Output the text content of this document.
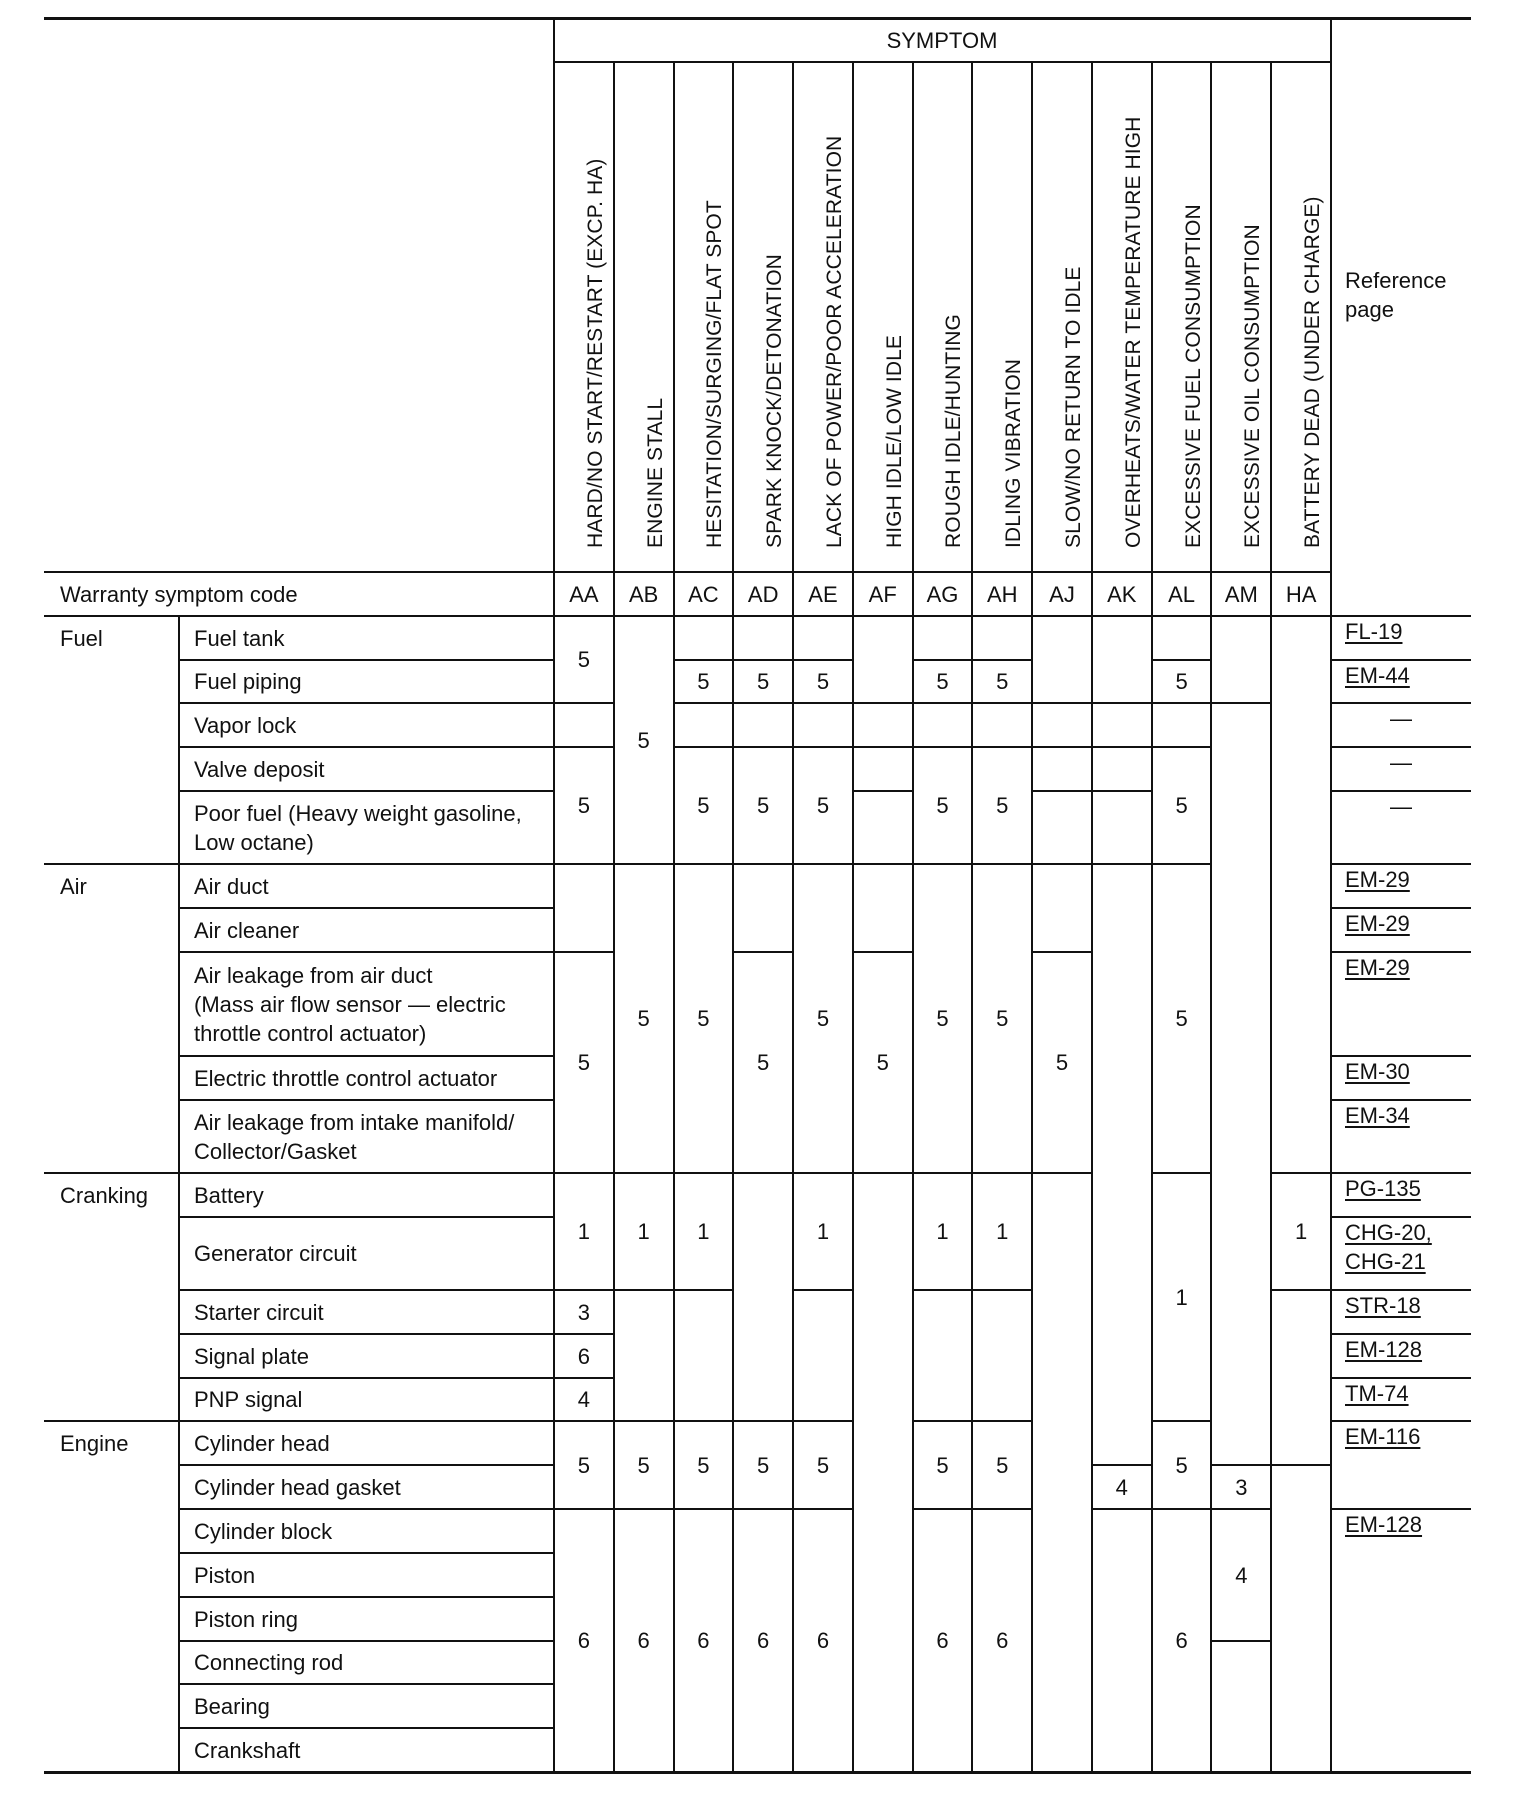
SYMPTOM
Reference page
Warranty symptom code
HARD/NO START/RESTART (EXCP. HA)
AA
ENGINE STALL
AB
HESITATION/SURGING/FLAT SPOT
AC
SPARK KNOCK/DETONATION
AD
LACK OF POWER/POOR ACCELERATION
AE
HIGH IDLE/LOW IDLE
AF
ROUGH IDLE/HUNTING
AG
IDLING VIBRATION
AH
SLOW/NO RETURN TO IDLE
AJ
OVERHEATS/WATER TEMPERATURE HIGH
AK
EXCESSIVE FUEL CONSUMPTION
AL
EXCESSIVE OIL CONSUMPTION
AM
BATTERY DEAD (UNDER CHARGE)
HA
Fuel
Air
Cranking
Engine
Fuel tank
Fuel piping
Vapor lock
Valve deposit
Poor fuel (Heavy weight gasoline,
Low octane)
Air duct
Air cleaner
Air leakage from air duct
(Mass air flow sensor — electric
throttle control actuator)
Electric throttle control actuator
Air leakage from intake manifold/
Collector/Gasket
Battery
Generator circuit
Starter circuit
Signal plate
PNP signal
Cylinder head
Cylinder head gasket
Cylinder block
Piston
Piston ring
Connecting rod
Bearing
Crankshaft
5
5
5
1
3
6
4
5
6
5
5
1
5
6
5
5
5
1
5
6
5
5
5
5
6
5
5
5
1
5
6
5
5
5
5
1
5
6
5
5
5
1
5
6
5
4
5
5
5
1
5
6
3
4
1
FL-19
EM-44
—
—
—
EM-29
EM-29
EM-29
EM-30
EM-34
PG-135
CHG-20,
CHG-21
STR-18
EM-128
TM-74
EM-116
EM-128
